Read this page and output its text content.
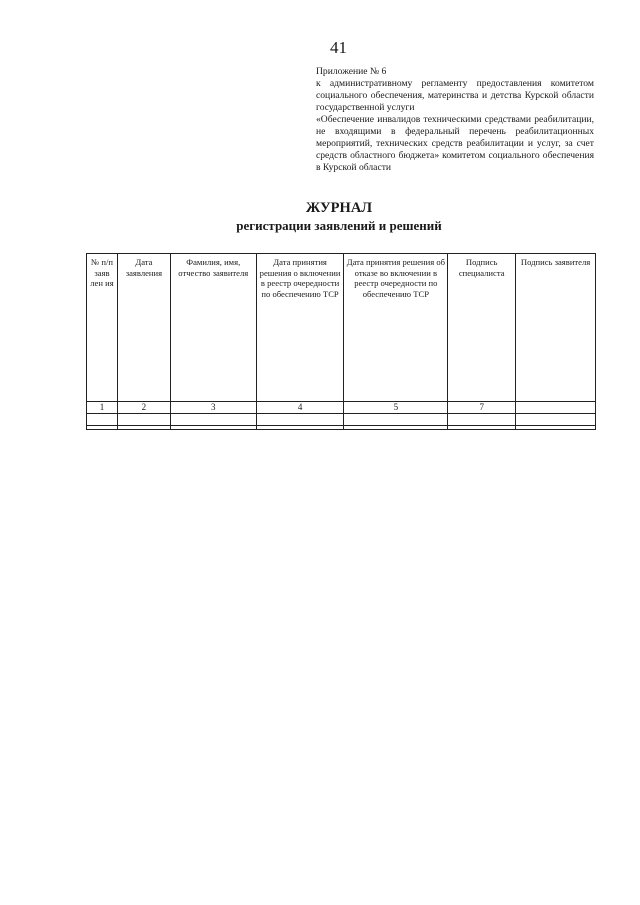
41

Приложение № 6

к административному регламенту предоставления комитетом социального обеспечения, материнства и детства Курской области государственной услуги

«Обеспечение инвалидов техническими средствами реабилитации, не входящими в федеральный перечень реабилитационных мероприятий, технических средств реабилитации и услуг, за счет средств областного бюджета» комитетом социального обеспечения в Курской области

ЖУРНАЛ
регистрации заявлений и решений
№ п/п заяв лен ия	Дата заявления	Фамилия, имя, отчество заявителя	Дата принятия решения о включении в реестр очередности по обеспечению ТСР	Дата принятия решения об отказе во включении в реестр очередности по обеспечению ТСР	Подпись специалиста	Подпись заявителя
1	2	3	4	5	7	
